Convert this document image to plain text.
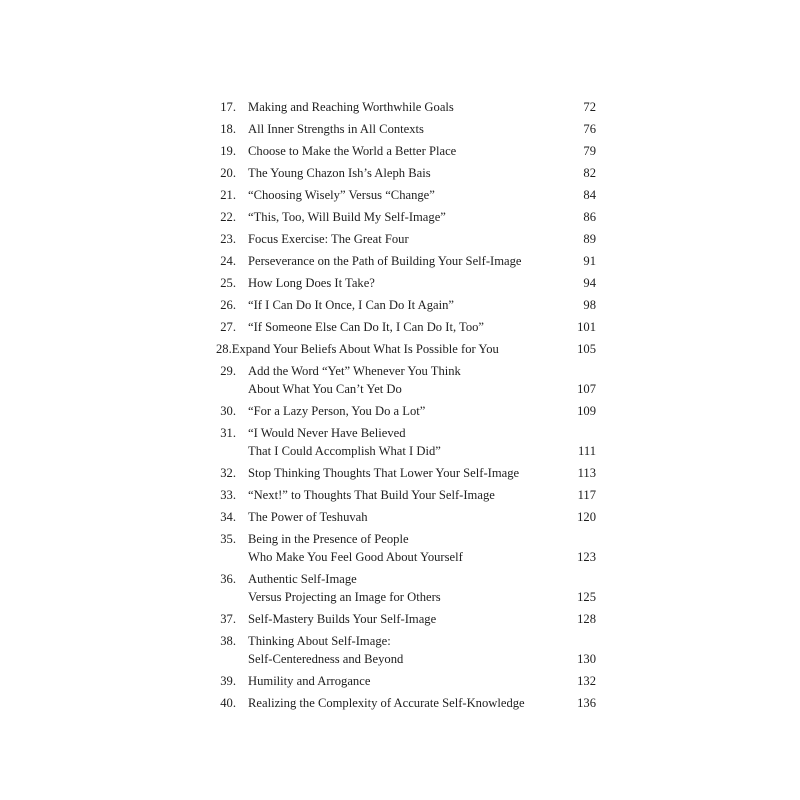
17. Making and Reaching Worthwhile Goals	72
18. All Inner Strengths in All Contexts	76
19. Choose to Make the World a Better Place	79
20. The Young Chazon Ish’s Aleph Bais	82
21. “Choosing Wisely” Versus “Change”	84
22. “This, Too, Will Build My Self-Image”	86
23. Focus Exercise: The Great Four	89
24. Perseverance on the Path of Building Your Self-Image	91
25. How Long Does It Take?	94
26. “If I Can Do It Once, I Can Do It Again”	98
27. “If Someone Else Can Do It, I Can Do It, Too”	101
28.Expand Your Beliefs About What Is Possible for You	105
29. Add the Word “Yet” Whenever You Think
About What You Can’t Yet Do	107
30. “For a Lazy Person, You Do a Lot”	109
31. “I Would Never Have Believed
That I Could Accomplish What I Did”	111
32. Stop Thinking Thoughts That Lower Your Self-Image	113
33. “Next!” to Thoughts That Build Your Self-Image	117
34. The Power of Teshuvah	120
35. Being in the Presence of People
Who Make You Feel Good About Yourself	123
36. Authentic Self-Image
Versus Projecting an Image for Others	125
37. Self-Mastery Builds Your Self-Image	128
38. Thinking About Self-Image:
Self-Centeredness and Beyond	130
39. Humility and Arrogance	132
40. Realizing the Complexity of Accurate Self-Knowledge	136
